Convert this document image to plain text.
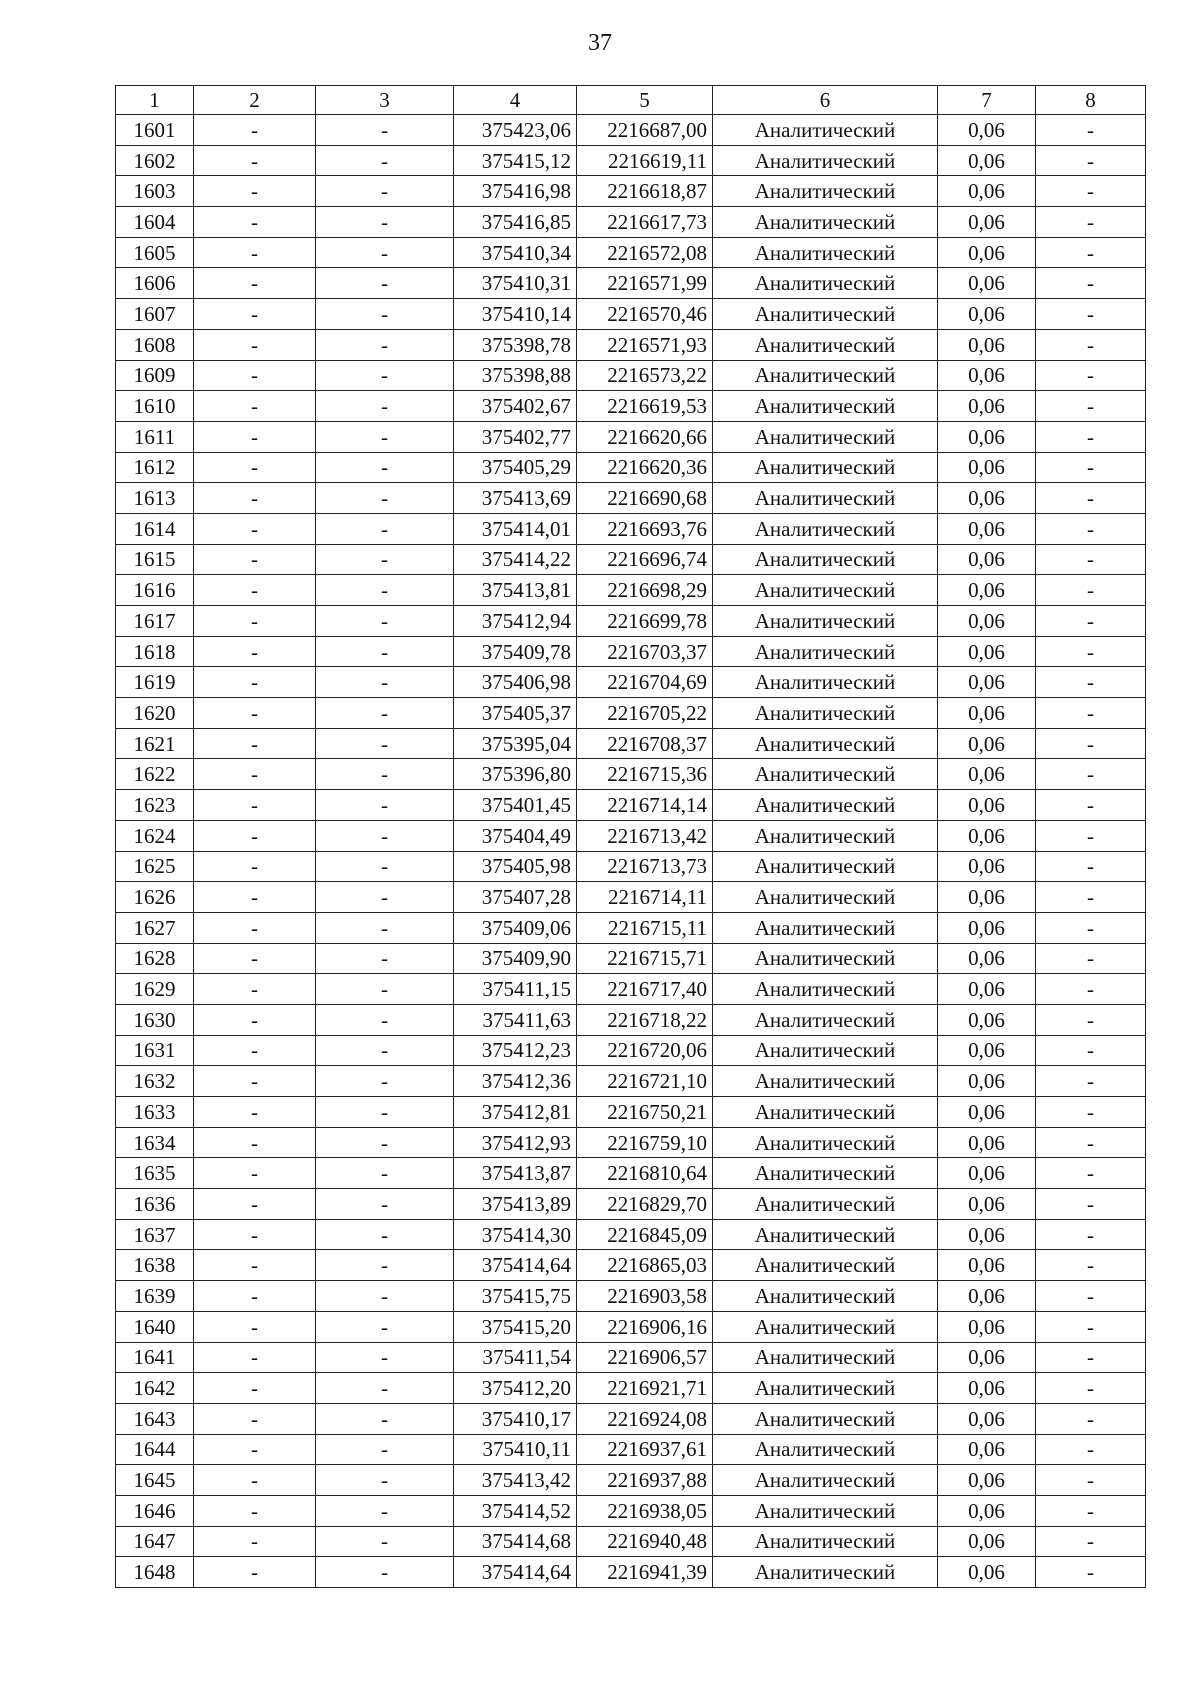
37
1	2	3	4	5	6	7	8
1601	-	-	375423,06	2216687,00	Аналитический	0,06	-
1602	-	-	375415,12	2216619,11	Аналитический	0,06	-
1603	-	-	375416,98	2216618,87	Аналитический	0,06	-
1604	-	-	375416,85	2216617,73	Аналитический	0,06	-
1605	-	-	375410,34	2216572,08	Аналитический	0,06	-
1606	-	-	375410,31	2216571,99	Аналитический	0,06	-
1607	-	-	375410,14	2216570,46	Аналитический	0,06	-
1608	-	-	375398,78	2216571,93	Аналитический	0,06	-
1609	-	-	375398,88	2216573,22	Аналитический	0,06	-
1610	-	-	375402,67	2216619,53	Аналитический	0,06	-
1611	-	-	375402,77	2216620,66	Аналитический	0,06	-
1612	-	-	375405,29	2216620,36	Аналитический	0,06	-
1613	-	-	375413,69	2216690,68	Аналитический	0,06	-
1614	-	-	375414,01	2216693,76	Аналитический	0,06	-
1615	-	-	375414,22	2216696,74	Аналитический	0,06	-
1616	-	-	375413,81	2216698,29	Аналитический	0,06	-
1617	-	-	375412,94	2216699,78	Аналитический	0,06	-
1618	-	-	375409,78	2216703,37	Аналитический	0,06	-
1619	-	-	375406,98	2216704,69	Аналитический	0,06	-
1620	-	-	375405,37	2216705,22	Аналитический	0,06	-
1621	-	-	375395,04	2216708,37	Аналитический	0,06	-
1622	-	-	375396,80	2216715,36	Аналитический	0,06	-
1623	-	-	375401,45	2216714,14	Аналитический	0,06	-
1624	-	-	375404,49	2216713,42	Аналитический	0,06	-
1625	-	-	375405,98	2216713,73	Аналитический	0,06	-
1626	-	-	375407,28	2216714,11	Аналитический	0,06	-
1627	-	-	375409,06	2216715,11	Аналитический	0,06	-
1628	-	-	375409,90	2216715,71	Аналитический	0,06	-
1629	-	-	375411,15	2216717,40	Аналитический	0,06	-
1630	-	-	375411,63	2216718,22	Аналитический	0,06	-
1631	-	-	375412,23	2216720,06	Аналитический	0,06	-
1632	-	-	375412,36	2216721,10	Аналитический	0,06	-
1633	-	-	375412,81	2216750,21	Аналитический	0,06	-
1634	-	-	375412,93	2216759,10	Аналитический	0,06	-
1635	-	-	375413,87	2216810,64	Аналитический	0,06	-
1636	-	-	375413,89	2216829,70	Аналитический	0,06	-
1637	-	-	375414,30	2216845,09	Аналитический	0,06	-
1638	-	-	375414,64	2216865,03	Аналитический	0,06	-
1639	-	-	375415,75	2216903,58	Аналитический	0,06	-
1640	-	-	375415,20	2216906,16	Аналитический	0,06	-
1641	-	-	375411,54	2216906,57	Аналитический	0,06	-
1642	-	-	375412,20	2216921,71	Аналитический	0,06	-
1643	-	-	375410,17	2216924,08	Аналитический	0,06	-
1644	-	-	375410,11	2216937,61	Аналитический	0,06	-
1645	-	-	375413,42	2216937,88	Аналитический	0,06	-
1646	-	-	375414,52	2216938,05	Аналитический	0,06	-
1647	-	-	375414,68	2216940,48	Аналитический	0,06	-
1648	-	-	375414,64	2216941,39	Аналитический	0,06	-
